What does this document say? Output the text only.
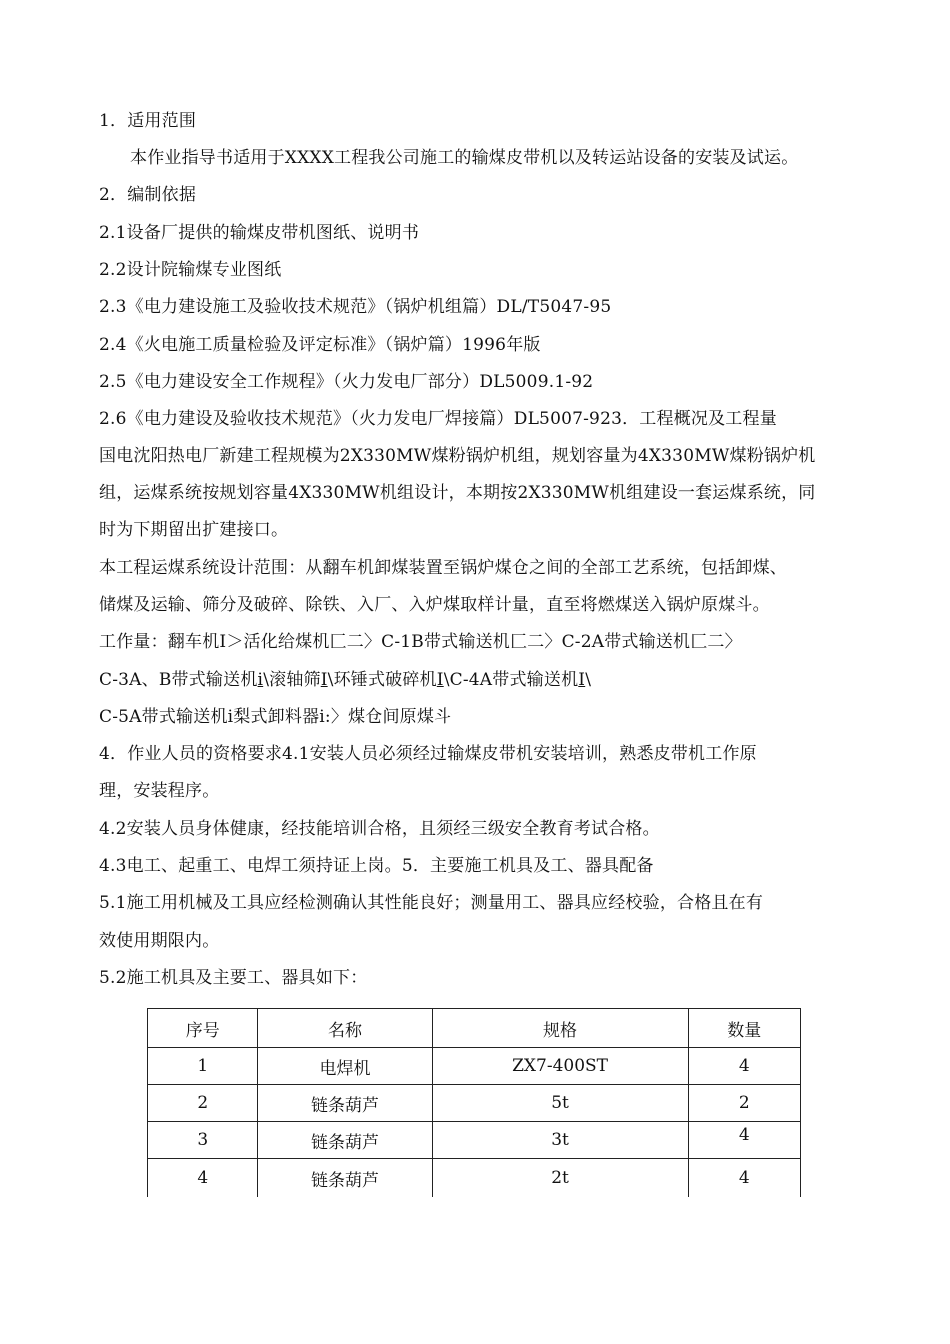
1．适用范围
本作业指导书适用于XXXX工程我公司施工的输煤皮带机以及转运站设备的安装及试运。
2．编制依据
2.1设备厂提供的输煤皮带机图纸、说明书
2.2设计院输煤专业图纸
2.3《电力建设施工及验收技术规范》（锅炉机组篇）DL/T5047-95
2.4《火电施工质量检验及评定标准》（锅炉篇）1996年版
2.5《电力建设安全工作规程》（火力发电厂部分）DL5009.1-92
2.6《电力建设及验收技术规范》（火力发电厂焊接篇）DL5007-923．工程概况及工程量
国电沈阳热电厂新建工程规模为2X330MW煤粉锅炉机组，规划容量为4X330MW煤粉锅炉机
组，运煤系统按规划容量4X330MW机组设计，本期按2X330MW机组建设一套运煤系统，同
时为下期留出扩建接口。
本工程运煤系统设计范围：从翻车机卸煤装置至锅炉煤仓之间的全部工艺系统，包括卸煤、
储煤及运输、筛分及破碎、除铁、入厂、入炉煤取样计量，直至将燃煤送入锅炉原煤斗。
工作量：翻车机I＞活化给煤机匚二〉C-1B带式输送机匚二〉C-2A带式输送机匚二〉
C-3A、B带式输送机i\滚轴筛I\环锤式破碎机I\C-4A带式输送机I\
C-5A带式输送机i梨式卸料器i:〉煤仓间原煤斗
4．作业人员的资格要求4.1安装人员必须经过输煤皮带机安装培训，熟悉皮带机工作原
理，安装程序。
4.2安装人员身体健康，经技能培训合格，且须经三级安全教育考试合格。
4.3电工、起重工、电焊工须持证上岗。5．主要施工机具及工、器具配备
5.1施工用机械及工具应经检测确认其性能良好；测量用工、器具应经校验，合格且在有
效使用期限内。
5.2施工机具及主要工、器具如下：
序号	名称	规格	数量
1	电焊机	ZX7-400ST	4
2	链条葫芦	5t	2
3	链条葫芦	3t	4
4	链条葫芦	2t	4
